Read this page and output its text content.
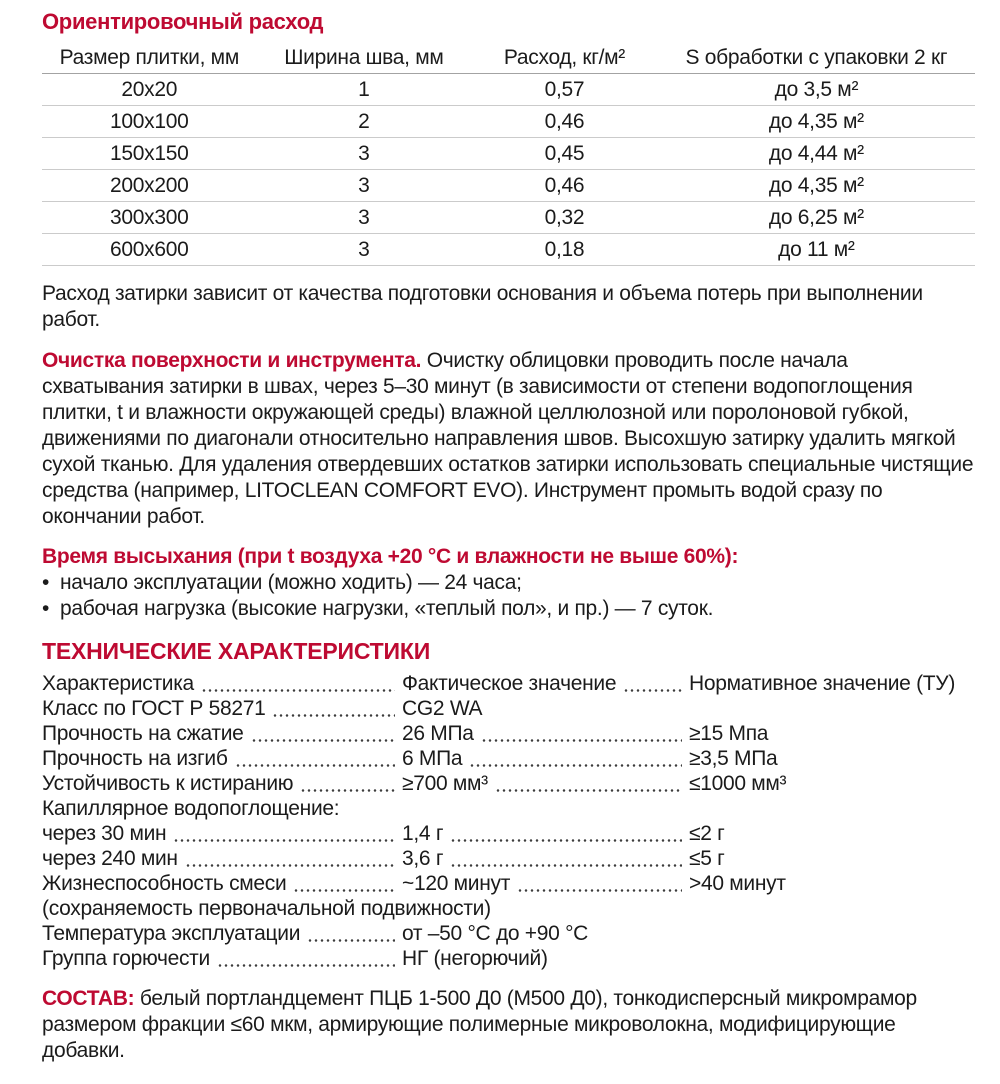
Ориентировочный расход
Размер плитки, мм	Ширина шва, мм	Расход, кг/м²	S обработки с упаковки 2 кг
20x20	1	0,57	до 3,5 м²
100x100	2	0,46	до 4,35 м²
150x150	3	0,45	до 4,44 м²
200x200	3	0,46	до 4,35 м²
300x300	3	0,32	до 6,25 м²
600x600	3	0,18	до 11 м²

Расход затирки зависит от качества подготовки основания и объема потерь при выполнении работ.

Очистка поверхности и инструмента. Очистку облицовки проводить после начала схватывания затирки в швах, через 5–30 минут (в зависимости от степени водопоглощения плитки, t и влажности окружающей среды) влажной целлюлозной или поролоновой губкой, движениями по диагонали относительно направления швов. Высохшую затирку удалить мягкой сухой тканью. Для удаления отвердевших остатков затирки использовать специальные чистящие средства (например, LITOCLEAN COMFORT EVO). Инструмент промыть водой сразу по окончании работ.

Время высыхания (при t воздуха +20 °C и влажности не выше 60%):

• начало эксплуатации (можно ходить) — 24 часа;
• рабочая нагрузка (высокие нагрузки, «теплый пол», и пр.) — 7 суток.
ТЕХНИЧЕСКИЕ ХАРАКТЕРИСТИКИ
Характеристика	Фактическое значение	Нормативное значение (ТУ)
Класс по ГОСТ Р 58271	CG2 WA
Прочность на сжатие	26 МПа	≥15 Мпа
Прочность на изгиб	6 МПа	≥3,5 МПа
Устойчивость к истиранию	≥700 мм³	≤1000 мм³
Капиллярное водопоглощение:
через 30 мин	1,4 г	≤2 г
через 240 мин	3,6 г	≤5 г
Жизнеспособность смеси	~120 минут	>40 минут
(сохраняемость первоначальной подвижности)
Температура эксплуатации	от –50 °C до +90 °C
Группа горючести	НГ (негорючий)

СОСТАВ: белый портландцемент ПЦБ 1-500 Д0 (М500 Д0), тонкодисперсный микромрамор размером фракции ≤60 мкм, армирующие полимерные микроволокна, модифицирующие добавки.
